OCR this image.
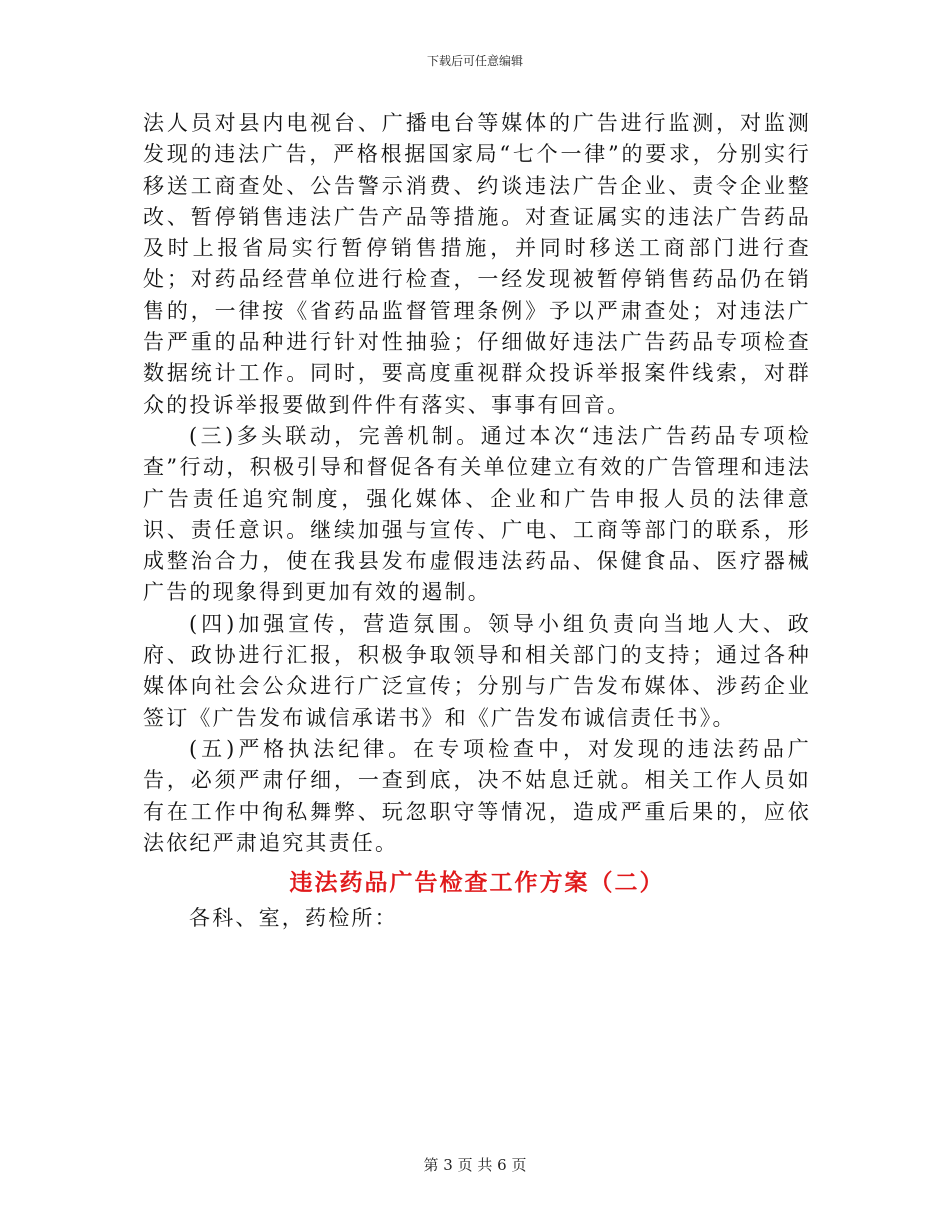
下载后可任意编辑

法人员对县内电视台、广播电台等媒体的广告进行监测，对监测发现的违法广告，严格根据国家局“七个一律”的要求，分别实行移送工商查处、公告警示消费、约谈违法广告企业、责令企业整改、暂停销售违法广告产品等措施。对查证属实的违法广告药品及时上报省局实行暂停销售措施，并同时移送工商部门进行查处；对药品经营单位进行检查，一经发现被暂停销售药品仍在销售的，一律按《省药品监督管理条例》予以严肃查处；对违法广告严重的品种进行针对性抽验；仔细做好违法广告药品专项检查数据统计工作。同时，要高度重视群众投诉举报案件线索，对群众的投诉举报要做到件件有落实、事事有回音。

(三)多头联动，完善机制。通过本次“违法广告药品专项检查”行动，积极引导和督促各有关单位建立有效的广告管理和违法广告责任追究制度，强化媒体、企业和广告申报人员的法律意识、责任意识。继续加强与宣传、广电、工商等部门的联系，形成整治合力，使在我县发布虚假违法药品、保健食品、医疗器械广告的现象得到更加有效的遏制。

(四)加强宣传，营造氛围。领导小组负责向当地人大、政府、政协进行汇报，积极争取领导和相关部门的支持；通过各种媒体向社会公众进行广泛宣传；分别与广告发布媒体、涉药企业签订《广告发布诚信承诺书》和《广告发布诚信责任书》。

(五)严格执法纪律。在专项检查中，对发现的违法药品广告，必须严肃仔细，一查到底，决不姑息迁就。相关工作人员如有在工作中徇私舞弊、玩忽职守等情况，造成严重后果的，应依法依纪严肃追究其责任。

违法药品广告检查工作方案（二）

各科、室，药检所：

第 3 页 共 6 页
